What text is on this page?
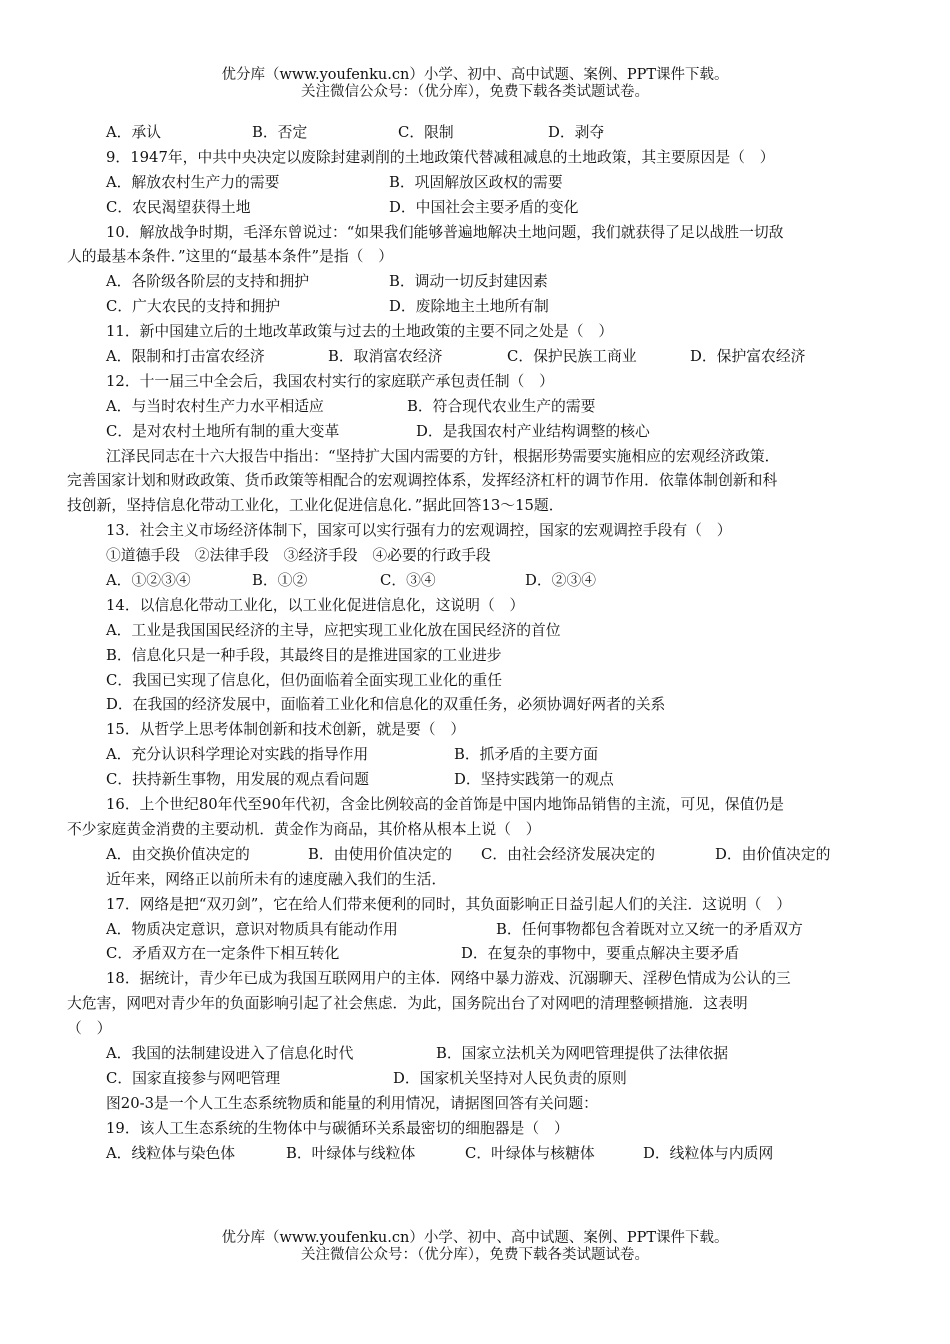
优分库（www.youfenku.cn）小学、初中、高中试题、案例、PPT课件下载。
关注微信公众号：（优分库），免费下载各类试题试卷。
A．承认	B．否定	C．限制	D．剥夺
9．1947年，中共中央决定以废除封建剥削的土地政策代替减租减息的土地政策，其主要原因是（　）
A．解放农村生产力的需要	B．巩固解放区政权的需要
C．农民渴望获得土地	D．中国社会主要矛盾的变化
10．解放战争时期，毛泽东曾说过：“如果我们能够普遍地解决土地问题，我们就获得了足以战胜一切敌
人的最基本条件．”这里的“最基本条件”是指（　）
A．各阶级各阶层的支持和拥护	B．调动一切反封建因素
C．广大农民的支持和拥护	D．废除地主土地所有制
11．新中国建立后的土地改革政策与过去的土地政策的主要不同之处是（　）
A．限制和打击富农经济	B．取消富农经济	C．保护民族工商业	D．保护富农经济
12．十一届三中全会后，我国农村实行的家庭联产承包责任制（　）
A．与当时农村生产力水平相适应	B．符合现代农业生产的需要
C．是对农村土地所有制的重大变革	D．是我国农村产业结构调整的核心
江泽民同志在十六大报告中指出：“坚持扩大国内需要的方针，根据形势需要实施相应的宏观经济政策．
完善国家计划和财政政策、货币政策等相配合的宏观调控体系，发挥经济杠杆的调节作用．依靠体制创新和科
技创新，坚持信息化带动工业化，工业化促进信息化．”据此回答13～15题．
13．社会主义市场经济体制下，国家可以实行强有力的宏观调控，国家的宏观调控手段有（　）
①道德手段　②法律手段　③经济手段　④必要的行政手段
A．①②③④	B．①②	C．③④	D．②③④
14．以信息化带动工业化，以工业化促进信息化，这说明（　）
A．工业是我国国民经济的主导，应把实现工业化放在国民经济的首位
B．信息化只是一种手段，其最终目的是推进国家的工业进步
C．我国已实现了信息化，但仍面临着全面实现工业化的重任
D．在我国的经济发展中，面临着工业化和信息化的双重任务，必须协调好两者的关系
15．从哲学上思考体制创新和技术创新，就是要（　）
A．充分认识科学理论对实践的指导作用	B．抓矛盾的主要方面
C．扶持新生事物，用发展的观点看问题	D．坚持实践第一的观点
16．上个世纪80年代至90年代初，含金比例较高的金首饰是中国内地饰品销售的主流，可见，保值仍是
不少家庭黄金消费的主要动机．黄金作为商品，其价格从根本上说（　）
A．由交换价值决定的	B．由使用价值决定的 C．由社会经济发展决定的	D．由价值决定的
近年来，网络正以前所未有的速度融入我们的生活．
17．网络是把“双刃剑”，它在给人们带来便利的同时，其负面影响正日益引起人们的关注．这说明（　）
A．物质决定意识，意识对物质具有能动作用	B．任何事物都包含着既对立又统一的矛盾双方
C．矛盾双方在一定条件下相互转化	D．在复杂的事物中，要重点解决主要矛盾
18．据统计，青少年已成为我国互联网用户的主体．网络中暴力游戏、沉溺聊天、淫秽色情成为公认的三
大危害，网吧对青少年的负面影响引起了社会焦虑．为此，国务院出台了对网吧的清理整顿措施．这表明
（　）
A．我国的法制建设进入了信息化时代	B．国家立法机关为网吧管理提供了法律依据
C．国家直接参与网吧管理	D．国家机关坚持对人民负责的原则
图20-3是一个人工生态系统物质和能量的利用情况，请据图回答有关问题：
19．该人工生态系统的生物体中与碳循环关系最密切的细胞器是（　）
A．线粒体与染色体	B．叶绿体与线粒体	C．叶绿体与核糖体	D．线粒体与内质网
优分库（www.youfenku.cn）小学、初中、高中试题、案例、PPT课件下载。
关注微信公众号：（优分库），免费下载各类试题试卷。
